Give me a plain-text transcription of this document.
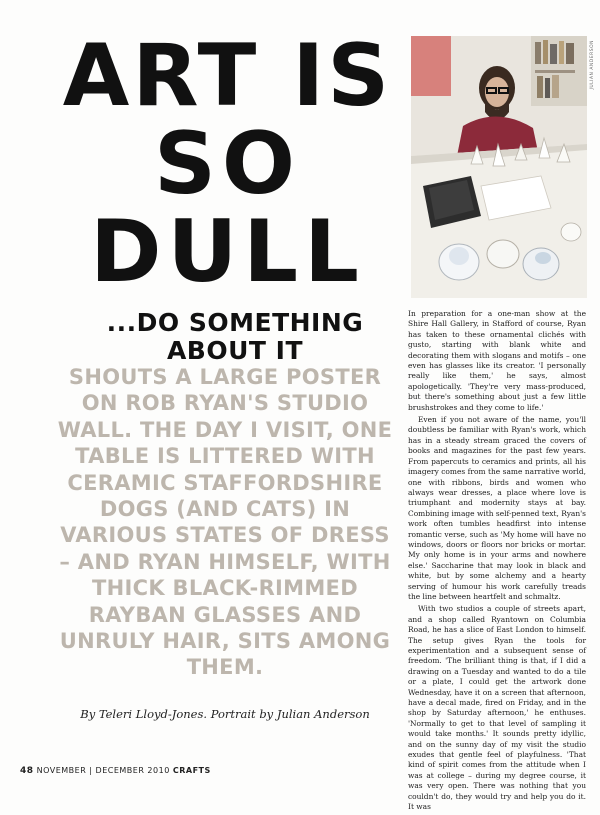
ART IS
SO
DULL
...DO SOMETHING
ABOUT IT
SHOUTS A LARGE POSTER ON ROB RYAN'S STUDIO WALL. THE DAY I VISIT, ONE TABLE IS LITTERED WITH CERAMIC STAFFORDSHIRE DOGS (AND CATS) IN VARIOUS STATES OF DRESS – AND RYAN HIMSELF, WITH THICK BLACK-RIMMED RAYBAN GLASSES AND UNRULY HAIR, SITS AMONG THEM.
By Teleri Lloyd-Jones. Portrait by Julian Anderson
48 NOVEMBER | DECEMBER 2010 CRAFTS
JULIAN ANDERSON

In preparation for a one-man show at the Shire Hall Gallery, in Stafford of course, Ryan has taken to these ornamental clichés with gusto, starting with blank white and decorating them with slogans and motifs – one even has glasses like its creator. 'I personally really like them,' he says, almost apologetically. 'They're very mass-produced, but there's something about just a few little brushstrokes and they come to life.'

Even if you not aware of the name, you'll doubtless be familiar with Ryan's work, which has in a steady stream graced the covers of books and magazines for the past few years. From papercuts to ceramics and prints, all his imagery comes from the same narrative world, one with ribbons, birds and women who always wear dresses, a place where love is triumphant and modernity stays at bay. Combining image with self-penned text, Ryan's work often tumbles headfirst into intense romantic verse, such as 'My home will have no windows, doors or floors nor bricks or mortar. My only home is in your arms and nowhere else.' Saccharine that may look in black and white, but by some alchemy and a hearty serving of humour his work carefully treads the line between heartfelt and schmaltz.

With two studios a couple of streets apart, and a shop called Ryantown on Columbia Road, he has a slice of East London to himself. The setup gives Ryan the tools for experimentation and a subsequent sense of freedom. 'The brilliant thing is that, if I did a drawing on a Tuesday and wanted to do a tile or a plate, I could get the artwork done Wednesday, have it on a screen that afternoon, have a decal made, fired on Friday, and in the shop by Saturday afternoon,' he enthuses. 'Normally to get to that level of sampling it would take months.' It sounds pretty idyllic, and on the sunny day of my visit the studio exudes that gentle feel of playfulness. 'That kind of spirit comes from the attitude when I was at college – during my degree course, it was very open. There was nothing that you couldn't do, they would try and help you do it. It was
